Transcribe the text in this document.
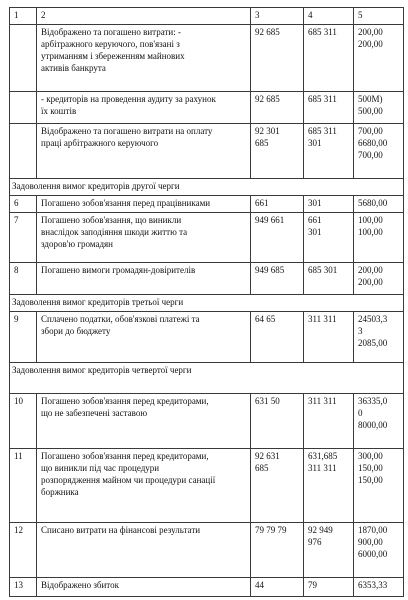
1	2	3	4	5
	Відображено та погашено витрати: -
арбітражного керуючого, пов'язані з
утриманням і збереженням майнових
активів банкрута	92 685	685 311	200,00
200,00
	- кредиторів на проведення аудиту за рахунок
їх коштів	92 685	685 311	500М)
500,00
	Відображено та погашено витрати на оплату
праці арбітражного керуючого	92 301
685	685 311
301	700,00
6680,00
700,00
Задоволення вимог кредиторів другої черги				
6	Погашено зобов'язання перед працівниками	661	301	5680,00
7	Погашено зобов'язання, що виникли
внаслідок заподіяння шкоди життю та
здоров'ю громадян	949 661	661
301	100,00
100,00
8	Погашено вимоги громадян-довірителів	949 685	685 301	200,00
200,00
Задоволення вимог кредиторів третьої черги				
9	Сплачено податки, обов'язкові платежі та
збори до бюджету	64 65	311 311	24503,3
3
2085,00
Задоволення вимог кредиторів четвертої черги				
10	Погашено зобов'язання перед кредиторами,
що не забезпечені заставою	631 50	311 311	36335,0
0
8000,00
11	Погашено зобов'язання перед кредиторами,
що виникли під час процедури
розпорядження майном чи процедури санації
боржника	92 631
685	631,685
311 311	300,00
150,00
150,00
12	Списано витрати на фінансові результати	79 79 79	92 949
976	1870,00
900,00
6000,00
13	Відображено збиток	44	79	6353,33
